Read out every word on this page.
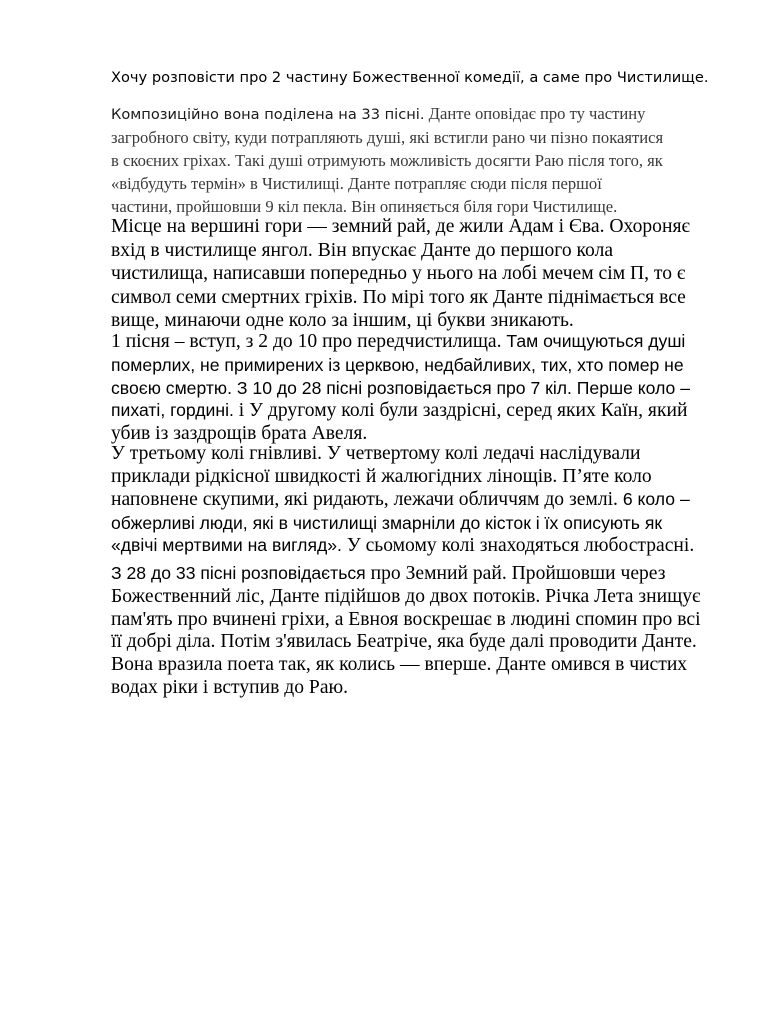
Хочу розповісти про 2 частину Божественної комедії, а саме про Чистилище.

Композиційно вона поділена на 33 пісні. Данте оповідає про ту частину
загробного світу, куди потрапляють душі, які встигли рано чи пізно покаятися
в скоєних гріхах. Такі душі отримують можливість досягти Раю після того, як
«відбудуть термін» в Чистилищі. Данте потрапляє сюди після першої
частини, пройшовши 9 кіл пекла. Він опиняється біля гори Чистилище.

Місце на вершині гори — земний рай, де жили Адам і Єва. Охороняє
вхід в чистилище янгол. Він впускає Данте до першого кола
чистилища, написавши попередньо у нього на лобі мечем сім П, то є
символ семи смертних гріхів. По мірі того як Данте піднімається все
вище, минаючи одне коло за іншим, ці букви зникають.

1 пісня – вступ, з 2 до 10 про передчистилища. Там очищуються душі
померлих, не примирених із церквою, недбайливих, тих, хто помер не
своєю смертю. З 10 до 28 пісні розповідається про 7 кіл. Перше коло –
пихаті, гордині. і У другому колі були заздрісні, серед яких Каїн, який
убив із заздрощів брата Авеля.

У третьому колі гнівливі. У четвертому колі ледачі наслідували
приклади рідкісної швидкості й жалюгідних лінощів. П’яте коло
наповнене скупими, які ридають, лежачи обличчям до землі. 6 коло –
обжерливі люди, які в чистилищі змарніли до кісток і їх описують як
«двічі мертвими на вигляд». У сьомому колі знаходяться любострасні.

З 28 до 33 пісні розповідається про Земний рай. Пройшовши через
Божественний ліс, Данте підійшов до двох потоків. Річка Лета знищує
пам'ять про вчинені гріхи, а Евноя воскрешає в людині спомин про всі
її добрі діла. Потім з'явилась Беатріче, яка буде далі проводити Данте.
Вона вразила поета так, як колись — вперше. Данте омився в чистих
водах ріки і вступив до Раю.
